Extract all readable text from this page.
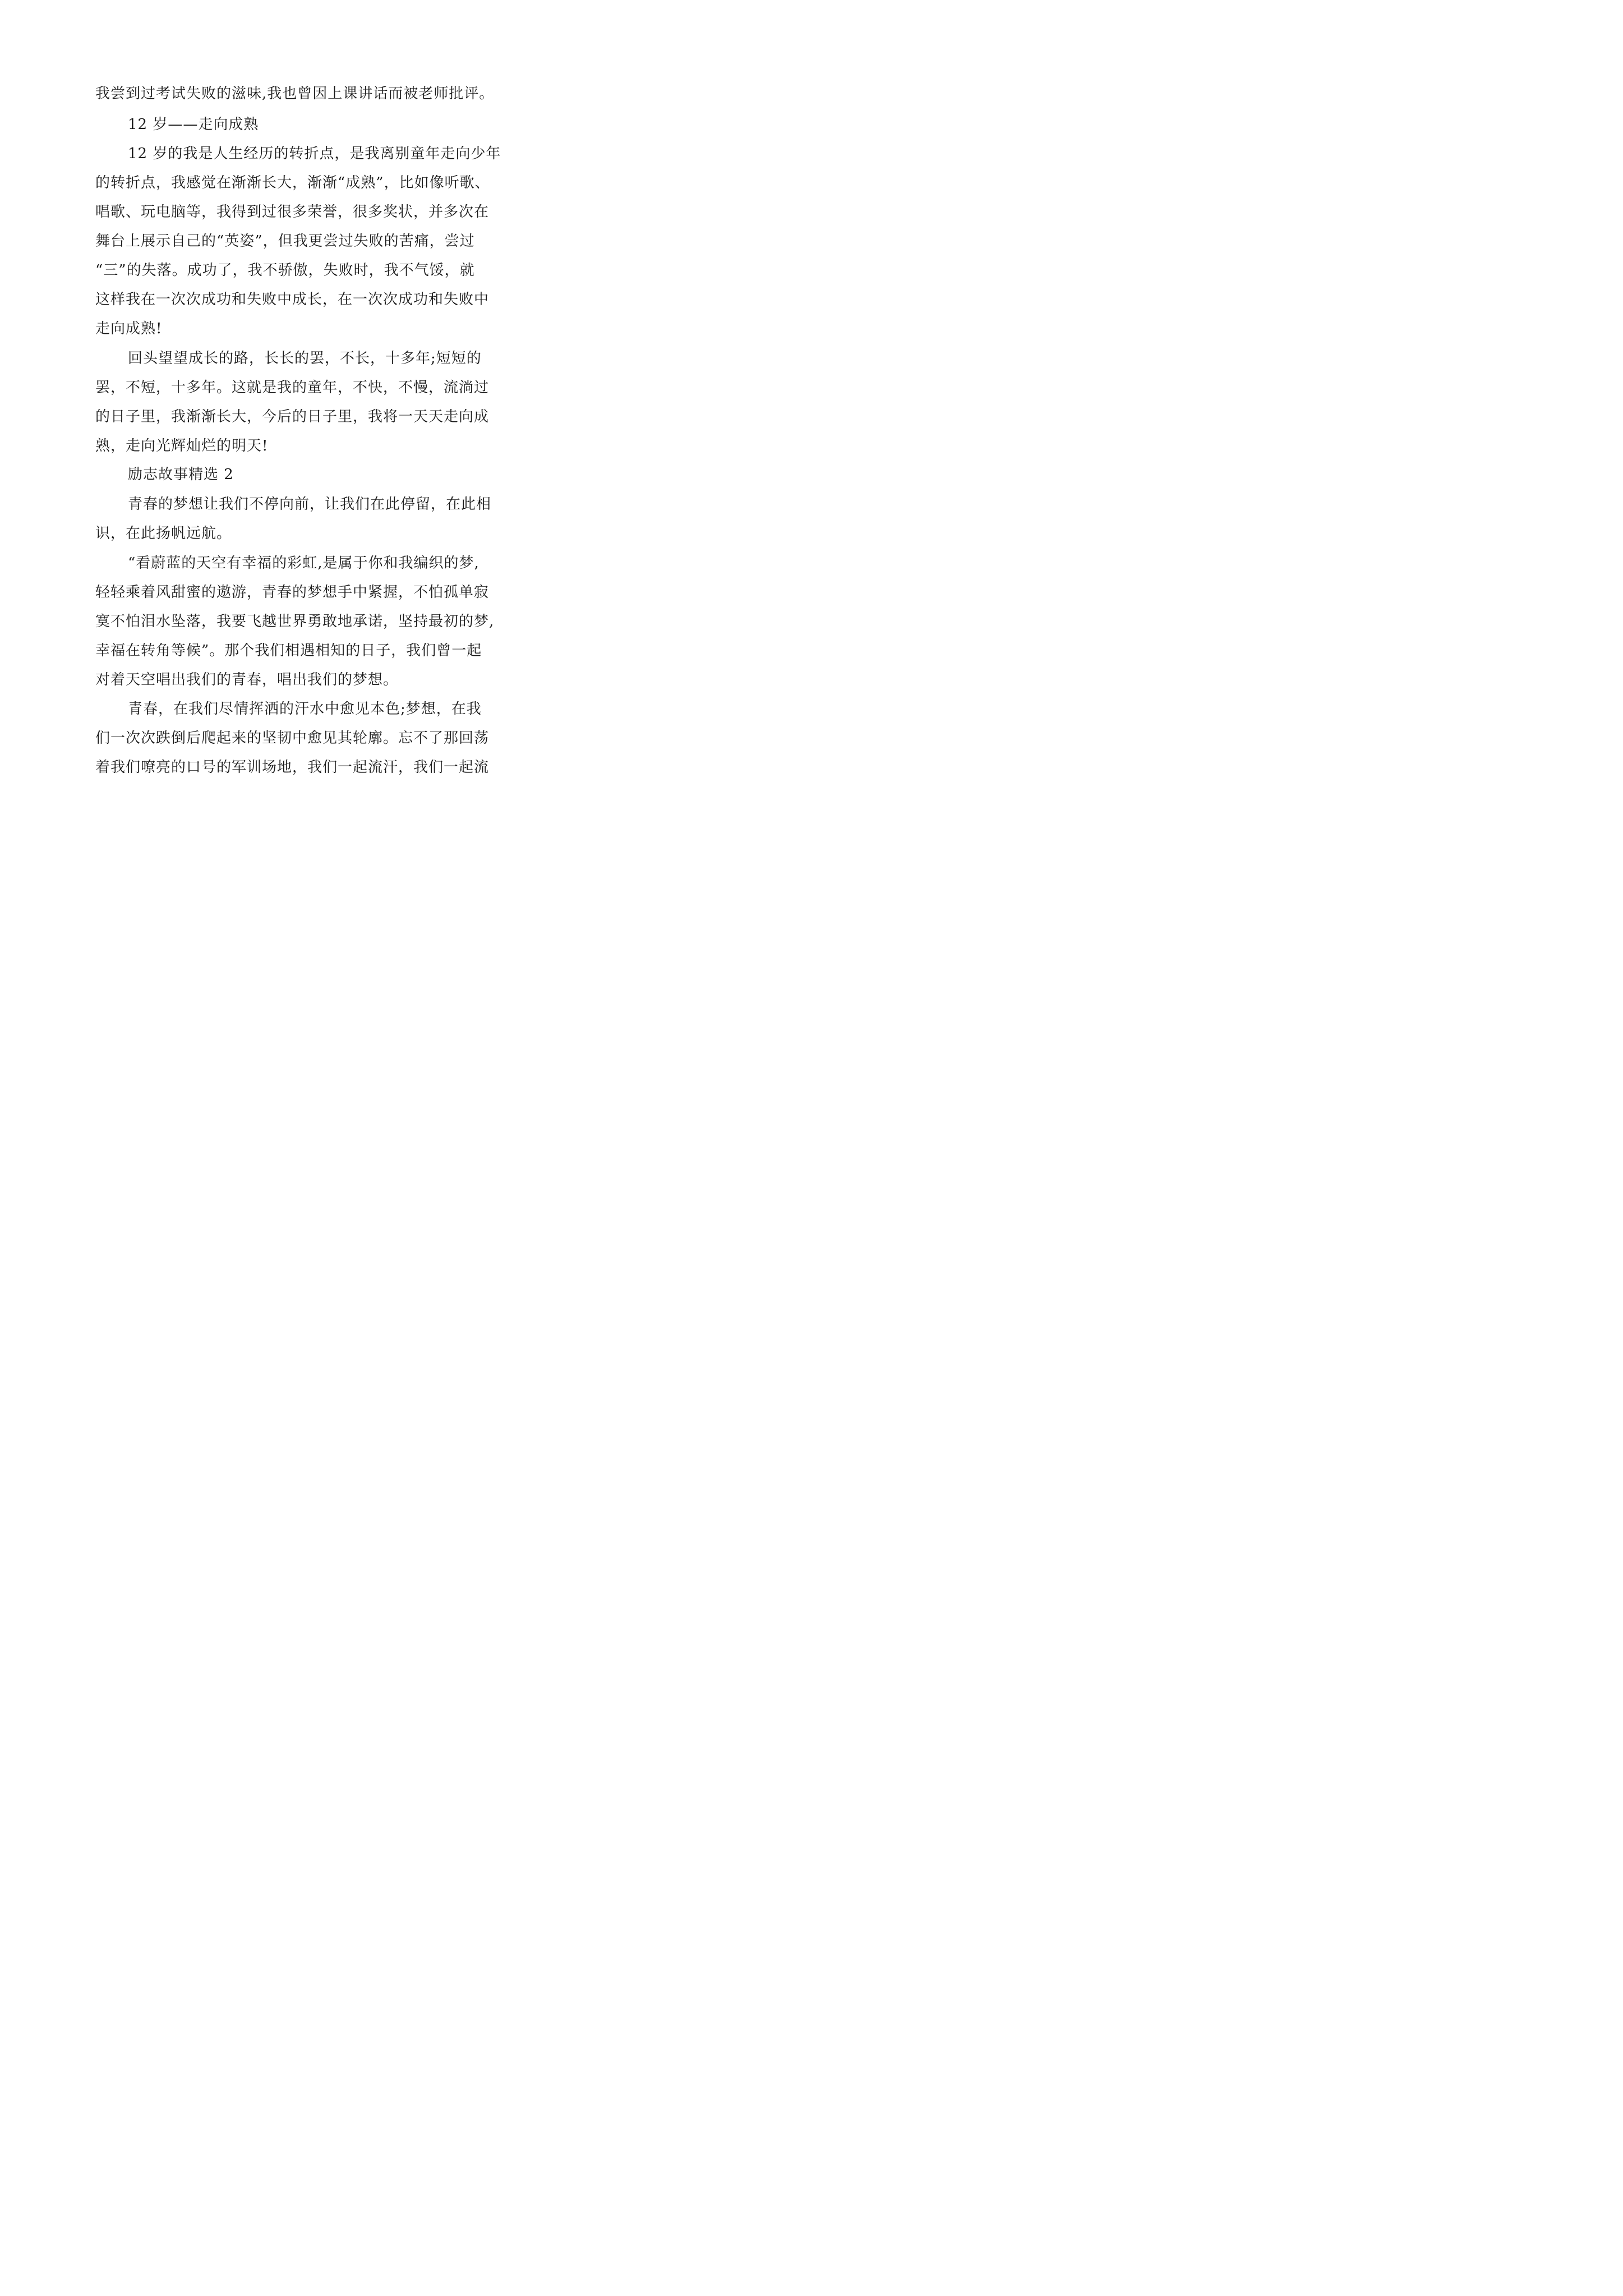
我尝到过考试失败的滋味,我也曾因上课讲话而被老师批评。
12 岁——走向成熟
12 岁的我是人生经历的转折点，是我离别童年走向少年
的转折点，我感觉在渐渐长大，渐渐“成熟”，比如像听歌、
唱歌、玩电脑等，我得到过很多荣誉，很多奖状，并多次在
舞台上展示自己的“英姿”，但我更尝过失败的苦痛，尝过
“三”的失落。成功了，我不骄傲，失败时，我不气馁，就
这样我在一次次成功和失败中成长，在一次次成功和失败中
走向成熟!
回头望望成长的路，长长的罢，不长，十多年;短短的
罢，不短，十多年。这就是我的童年，不快，不慢，流淌过
的日子里，我渐渐长大，今后的日子里，我将一天天走向成
熟，走向光辉灿烂的明天!
励志故事精选 2
青春的梦想让我们不停向前，让我们在此停留，在此相
识，在此扬帆远航。
“看蔚蓝的天空有幸福的彩虹,是属于你和我编织的梦,
轻轻乘着风甜蜜的遨游，青春的梦想手中紧握，不怕孤单寂
寞不怕泪水坠落，我要飞越世界勇敢地承诺，坚持最初的梦,
幸福在转角等候”。那个我们相遇相知的日子，我们曾一起
对着天空唱出我们的青春，唱出我们的梦想。
青春，在我们尽情挥洒的汗水中愈见本色;梦想，在我
们一次次跌倒后爬起来的坚韧中愈见其轮廓。忘不了那回荡
着我们嘹亮的口号的军训场地，我们一起流汗，我们一起流
